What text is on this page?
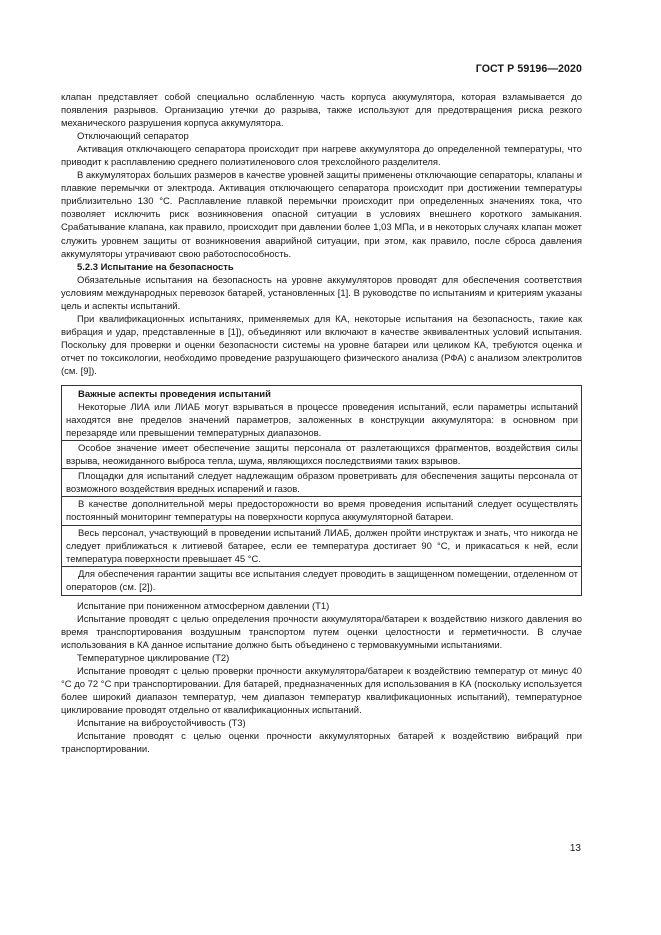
ГОСТ Р 59196—2020

клапан представляет собой специально ослабленную часть корпуса аккумулятора, которая взламывается до появления разрывов. Организацию утечки до разрыва, также используют для предотвращения риска резкого механического разрушения корпуса аккумулятора.

Отключающий сепаратор

Активация отключающего сепаратора происходит при нагреве аккумулятора до определенной температуры, что приводит к расплавлению среднего полиэтиленового слоя трехслойного разделителя.

В аккумуляторах больших размеров в качестве уровней защиты применены отключающие сепараторы, клапаны и плавкие перемычки от электрода. Активация отключающего сепаратора происходит при достижении температуры приблизительно 130 °С. Расплавление плавкой перемычки происходит при определенных значениях тока, что позволяет исключить риск возникновения опасной ситуации в условиях внешнего короткого замыкания. Срабатывание клапана, как правило, происходит при давлении более 1,03 МПа, и в некоторых случаях клапан может служить уровнем защиты от возникновения аварийной ситуации, при этом, как правило, после сброса давления аккумуляторы утрачивают свою работоспособность.

5.2.3 Испытание на безопасность

Обязательные испытания на безопасность на уровне аккумуляторов проводят для обеспечения соответствия условиям международных перевозок батарей, установленных [1]. В руководстве по испытаниям и критериям указаны цель и аспекты испытаний.

При квалификационных испытаниях, применяемых для КА, некоторые испытания на безопасность, такие как вибрация и удар, представленные в [1]), объединяют или включают в качестве эквивалентных условий испытания. Поскольку для проверки и оценки безопасности системы на уровне батареи или целиком КА, требуются оценка и отчет по токсикологии, необходимо проведение разрушающего физического анализа (РФА) с анализом электролитов (см. [9]).

Важные аспекты проведения испытаний

Некоторые ЛИА или ЛИАБ могут взрываться в процессе проведения испытаний, если параметры испытаний находятся вне пределов значений параметров, заложенных в конструкции аккумулятора: в основном при перезаряде или превышении температурных диапазонов.

Особое значение имеет обеспечение защиты персонала от разлетающихся фрагментов, воздействия силы взрыва, неожиданного выброса тепла, шума, являющихся последствиями таких взрывов.

Площадки для испытаний следует надлежащим образом проветривать для обеспечения защиты персонала от возможного воздействия вредных испарений и газов.

В качестве дополнительной меры предосторожности во время проведения испытаний следует осуществлять постоянный мониторинг температуры на поверхности корпуса аккумуляторной батареи.

Весь персонал, участвующий в проведении испытаний ЛИАБ, должен пройти инструктаж и знать, что никогда не следует приближаться к литиевой батарее, если ее температура достигает 90 °С, и прикасаться к ней, если температура поверхности превышает 45 °С.

Для обеспечения гарантии защиты все испытания следует проводить в защищенном помещении, отделенном от операторов (см. [2]).

Испытание при пониженном атмосферном давлении (Т1)

Испытание проводят с целью определения прочности аккумулятора/батареи к воздействию низкого давления во время транспортирования воздушным транспортом путем оценки целостности и герметичности. В случае использования в КА данное испытание должно быть объединено с термовакуумными испытаниями.

Температурное циклирование (Т2)

Испытание проводят с целью проверки прочности аккумулятора/батареи к воздействию температур от минус 40 °С до 72 °С при транспортировании. Для батарей, предназначенных для использования в КА (поскольку используется более широкий диапазон температур, чем диапазон температур квалификационных испытаний), температурное циклирование проводят отдельно от квалификационных испытаний.

Испытание на виброустойчивость (Т3)

Испытание проводят с целью оценки прочности аккумуляторных батарей к воздействию вибраций при транспортировании.

13
